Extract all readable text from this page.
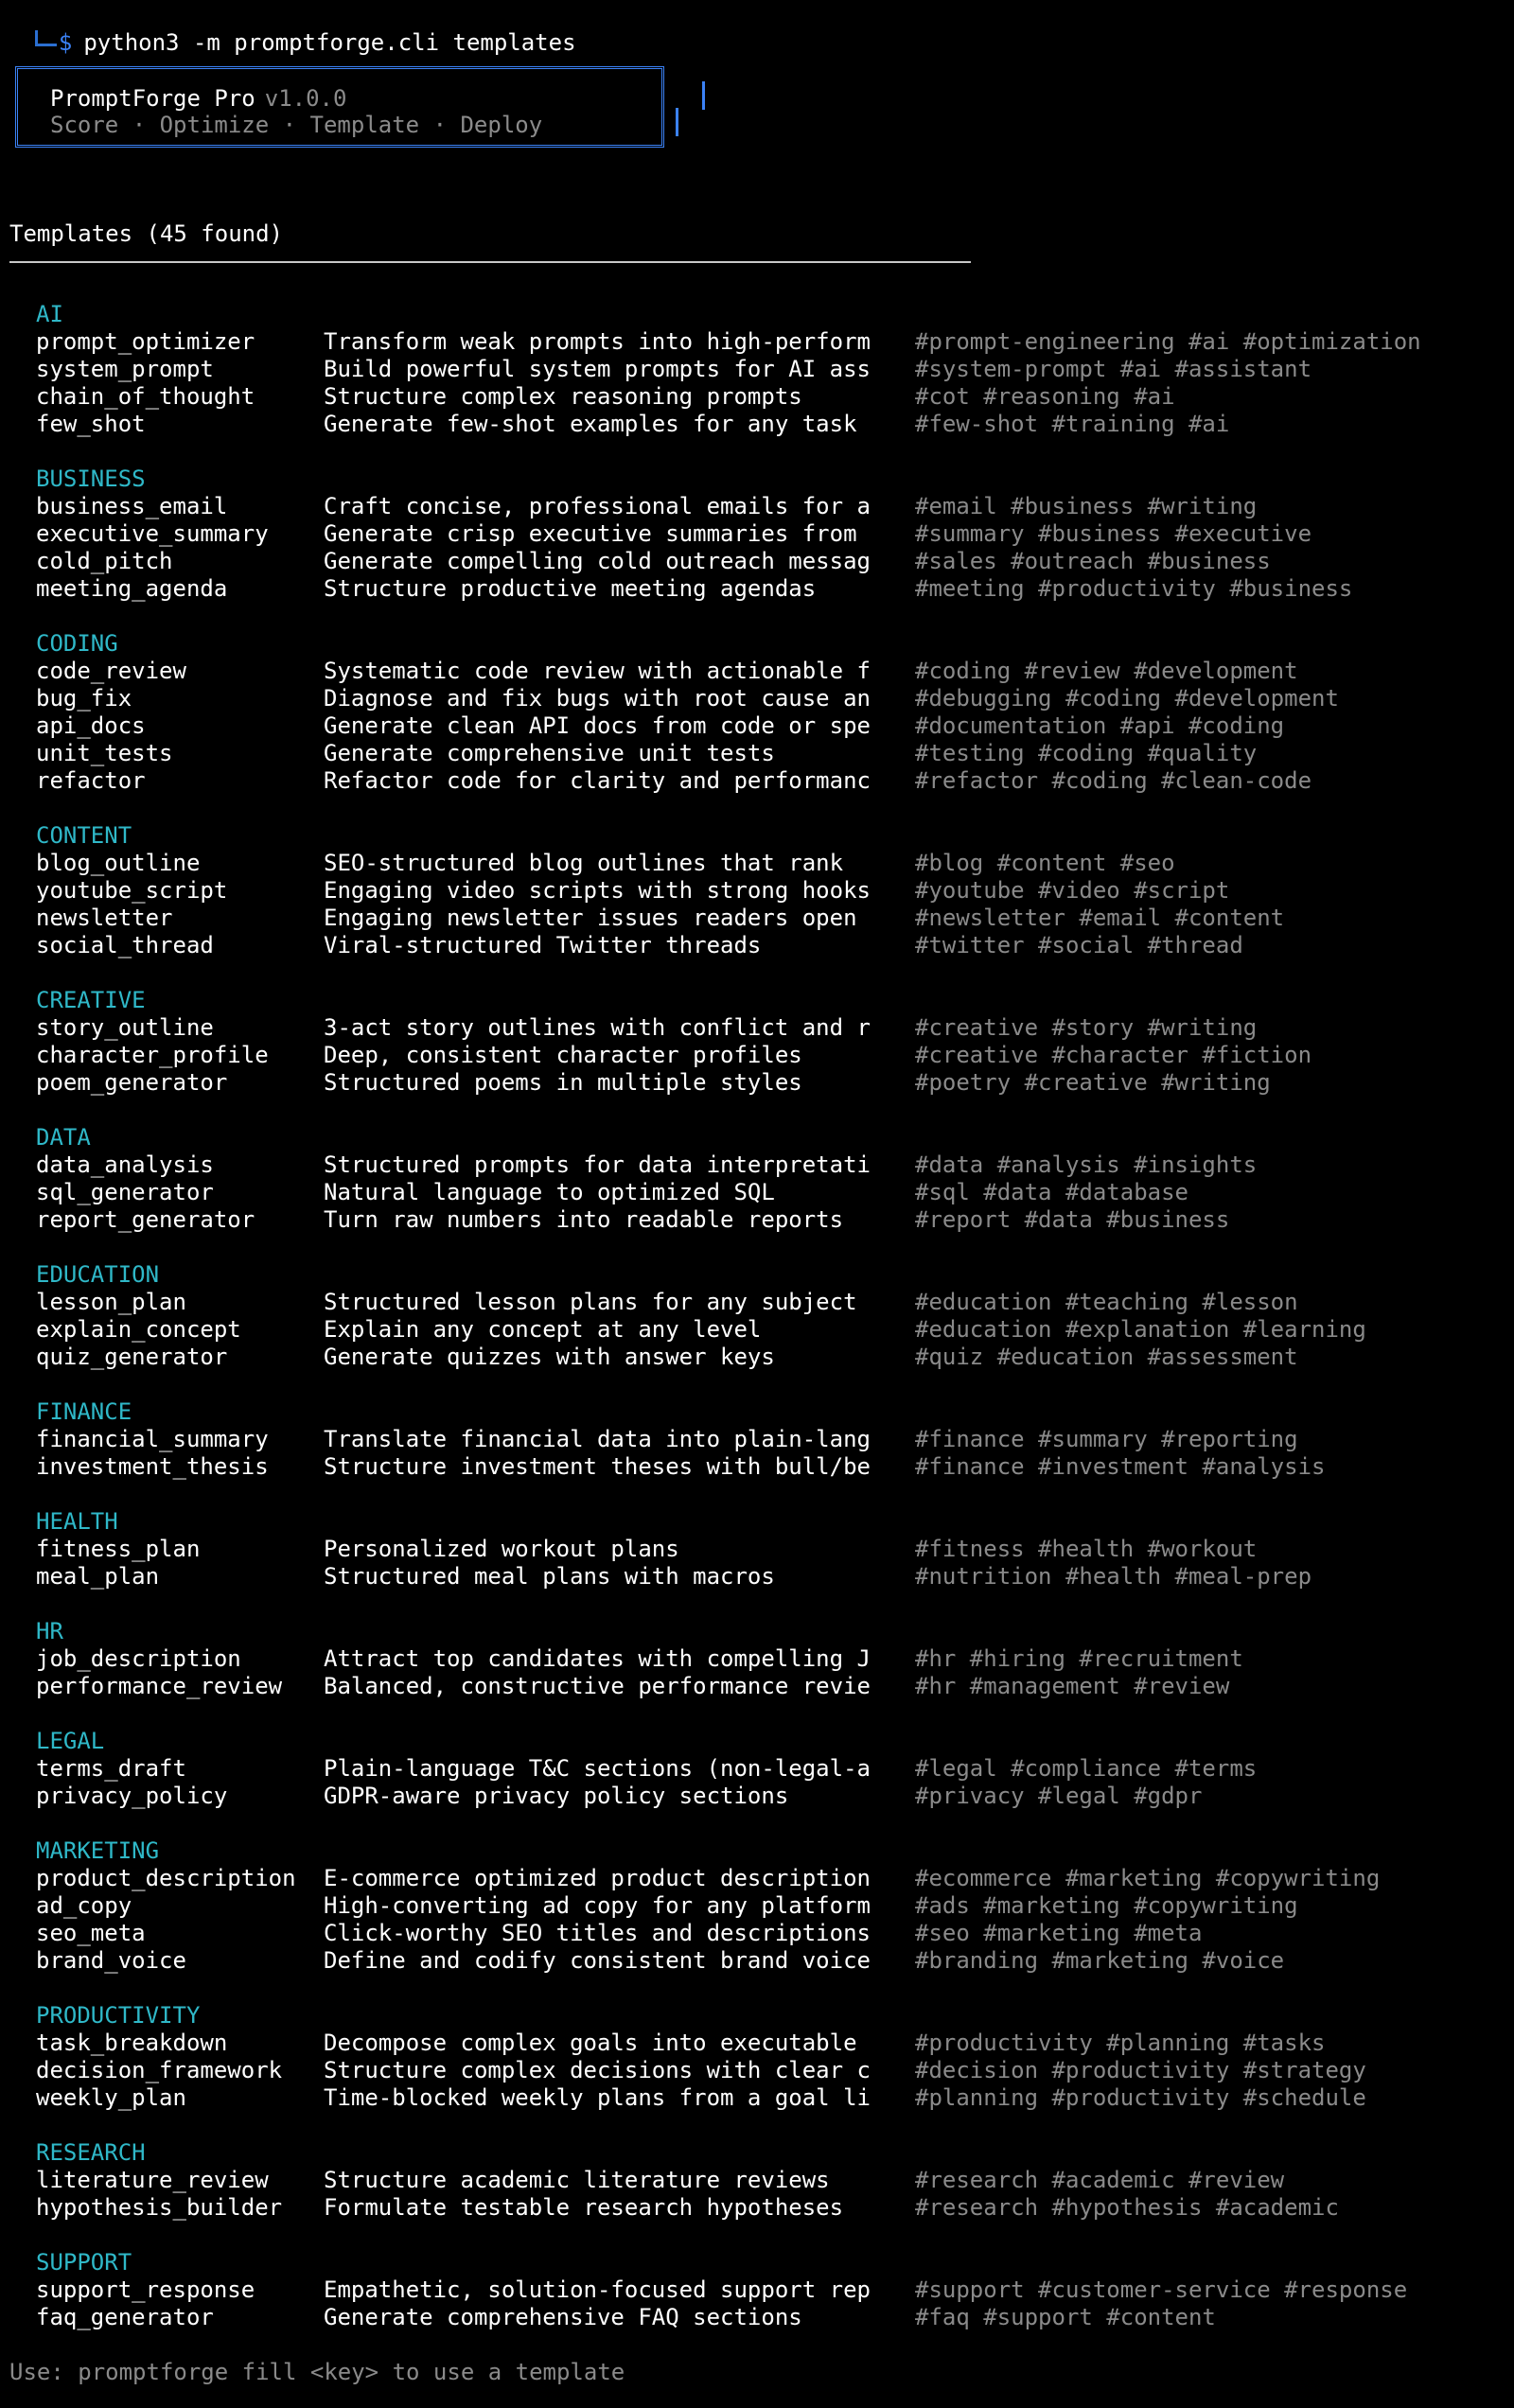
$ python3 -m promptforge.cli templates

PromptForge Pro v1.0.0
Score · Optimize · Template · Deploy
Templates (45 found)
AI
prompt_optimizer	Transform weak prompts into high-perform #prompt-engineering #ai #optimization
system_prompt	Build powerful system prompts for AI ass #system-prompt #ai #assistant
chain_of_thought	Structure complex reasoning prompts	#cot #reasoning #ai
few_shot	Generate few-shot examples for any task	#few-shot #training #ai
BUSINESS
business_email	Craft concise, professional emails for a #email #business #writing
executive_summary Generate crisp executive summaries from	#summary #business #executive
cold_pitch	Generate compelling cold outreach messag #sales #outreach #business
meeting_agenda	Structure productive meeting agendas	#meeting #productivity #business
CODING
code_review	Systematic code review with actionable f #coding #review #development
bug_fix	Diagnose and fix bugs with root cause an #debugging #coding #development
api_docs	Generate clean API docs from code or spe #documentation #api #coding
unit_tests	Generate comprehensive unit tests	#testing #coding #quality
refactor	Refactor code for clarity and performanc #refactor #coding #clean-code
CONTENT
blog_outline	SEO-structured blog outlines that rank	#blog #content #seo
youtube_script	Engaging video scripts with strong hooks #youtube #video #script
newsletter	Engaging newsletter issues readers open	#newsletter #email #content
social_thread	Viral-structured Twitter threads	#twitter #social #thread
CREATIVE
story_outline	3-act story outlines with conflict and r #creative #story #writing
character_profile Deep, consistent character profiles	#creative #character #fiction
poem_generator	Structured poems in multiple styles	#poetry #creative #writing
DATA
data_analysis	Structured prompts for data interpretati #data #analysis #insights
sql_generator	Natural language to optimized SQL	#sql #data #database
report_generator	Turn raw numbers into readable reports	#report #data #business
EDUCATION
lesson_plan	Structured lesson plans for any subject	#education #teaching #lesson
explain_concept	Explain any concept at any level	#education #explanation #learning
quiz_generator	Generate quizzes with answer keys	#quiz #education #assessment
FINANCE
financial_summary Translate financial data into plain-lang #finance #summary #reporting
investment_thesis Structure investment theses with bull/be #finance #investment #analysis
HEALTH
fitness_plan	Personalized workout plans	#fitness #health #workout
meal_plan	Structured meal plans with macros	#nutrition #health #meal-prep
HR
job_description	Attract top candidates with compelling J #hr #hiring #recruitment
performance_review Balanced, constructive performance revie #hr #management #review
LEGAL
terms_draft	Plain-language T&C sections (non-legal-a #legal #compliance #terms
privacy_policy	GDPR-aware privacy policy sections	#privacy #legal #gdpr
MARKETING
product_description E-commerce optimized product description #ecommerce #marketing #copywriting
ad_copy	High-converting ad copy for any platform #ads #marketing #copywriting
seo_meta	Click-worthy SEO titles and descriptions #seo #marketing #meta
brand_voice	Define and codify consistent brand voice #branding #marketing #voice
PRODUCTIVITY
task_breakdown	Decompose complex goals into executable	#productivity #planning #tasks
decision_framework Structure complex decisions with clear c #decision #productivity #strategy
weekly_plan	Time-blocked weekly plans from a goal li #planning #productivity #schedule
RESEARCH
literature_review Structure academic literature reviews	#research #academic #review
hypothesis_builder Formulate testable research hypotheses	#research #hypothesis #academic
SUPPORT
support_response	Empathetic, solution-focused support rep #support #customer-service #response
faq_generator	Generate comprehensive FAQ sections	#faq #support #content
Use: promptforge fill <key> to use a template
